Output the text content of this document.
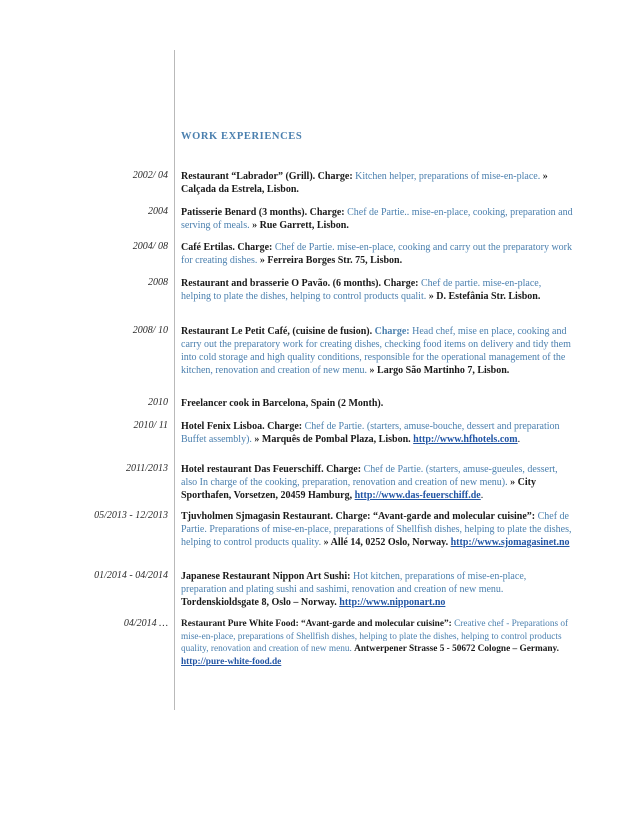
WORK EXPERIENCES
2002/ 04 Restaurant “Labrador” (Grill). Charge: Kitchen helper, preparations of mise-en-place. » Calçada da Estrela, Lisbon.
2004 Patisserie Benard (3 months). Charge: Chef de Partie.. mise-en-place, cooking, preparation and serving of meals. » Rue Garrett, Lisbon.
2004/ 08 Café Ertilas. Charge: Chef de Partie. mise-en-place, cooking and carry out the preparatory work for creating dishes. » Ferreira Borges Str. 75, Lisbon.
2008 Restaurant and brasserie O Pavão. (6 months). Charge: Chef de partie. mise-en-place, helping to plate the dishes, helping to control products qualit. » D. Estefânia Str. Lisbon.
2008/ 10 Restaurant Le Petit Café, (cuisine de fusion). Charge: Head chef, mise en place, cooking and carry out the preparatory work for creating dishes, checking food items on delivery and tidy them into cold storage and high quality conditions, responsible for the operational management of the kitchen, renovation and creation of new menu. » Largo São Martinho 7, Lisbon.
2010 Freelancer cook in Barcelona, Spain (2 Month).
2010/ 11 Hotel Fenix Lisboa. Charge: Chef de Partie. (starters, amuse-bouche, dessert and preparation Buffet assembly). » Marquês de Pombal Plaza, Lisbon. http://www.hfhotels.com.
2011/2013 Hotel restaurant Das Feuerschiff. Charge: Chef de Partie. (starters, amuse-gueules, dessert, also In charge of the cooking, preparation, renovation and creation of new menu). » City Sporthafen, Vorsetzen, 20459 Hamburg, http://www.das-feuerschiff.de.
05/2013 - 12/2013 Tjuvholmen Sjmagasin Restaurant. Charge: “Avant-garde and molecular cuisine”: Chef de Partie. Preparations of mise-en-place, preparations of Shellfish dishes, helping to plate the dishes, helping to control products quality. » Allé 14, 0252 Oslo, Norway. http://www.sjomagasinet.no
01/2014 - 04/2014 Japanese Restaurant Nippon Art Sushi: Hot kitchen, preparations of mise-en-place, preparation and plating sushi and sashimi, renovation and creation of new menu. Tordenskioldsgate 8, Oslo – Norway. http://www.nipponart.no
04/2014 … Restaurant Pure White Food: “Avant-garde and molecular cuisine”: Creative chef - Preparations of mise-en-place, preparations of Shellfish dishes, helping to plate the dishes, helping to control products quality, renovation and creation of new menu. Antwerpener Strasse 5 - 50672 Cologne – Germany. http://pure-white-food.de
